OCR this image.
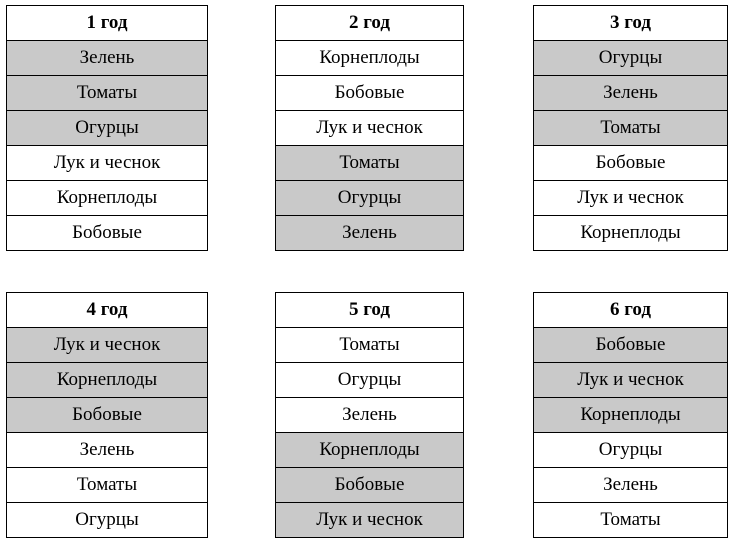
1 год
Зелень
Томаты
Огурцы
Лук и чеснок
Корнеплоды
Бобовые
2 год
Корнеплоды
Бобовые
Лук и чеснок
Томаты
Огурцы
Зелень
3 год
Огурцы
Зелень
Томаты
Бобовые
Лук и чеснок
Корнеплоды
4 год
Лук и чеснок
Корнеплоды
Бобовые
Зелень
Томаты
Огурцы
5 год
Томаты
Огурцы
Зелень
Корнеплоды
Бобовые
Лук и чеснок
6 год
Бобовые
Лук и чеснок
Корнеплоды
Огурцы
Зелень
Томаты
